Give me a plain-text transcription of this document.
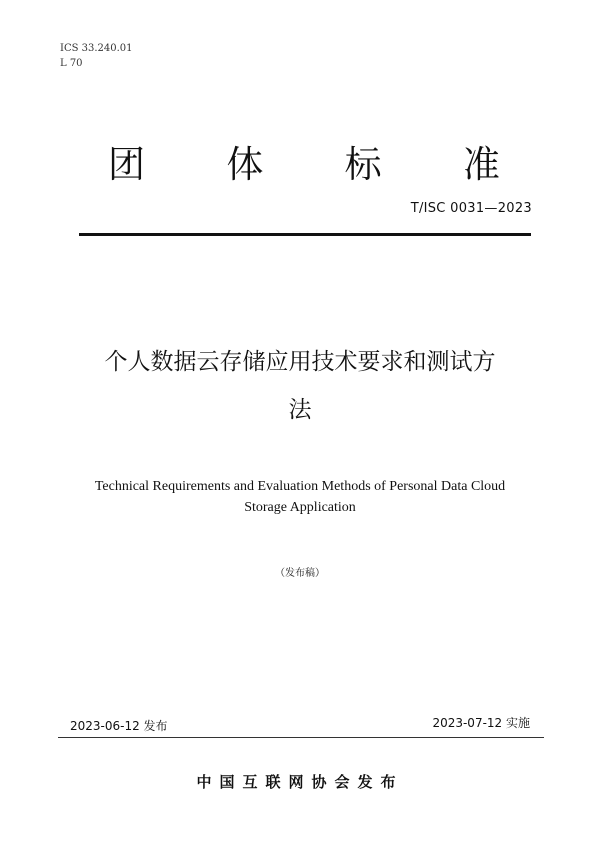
ICS 33.240.01
L 70
团 体 标 准
T/ISC 0031—2023
个人数据云存储应用技术要求和测试方
法
Technical Requirements and Evaluation Methods of Personal Data Cloud
Storage Application
（发布稿）
2023-06-12 发布	2023-07-12 实施
中国互联网协会发布
